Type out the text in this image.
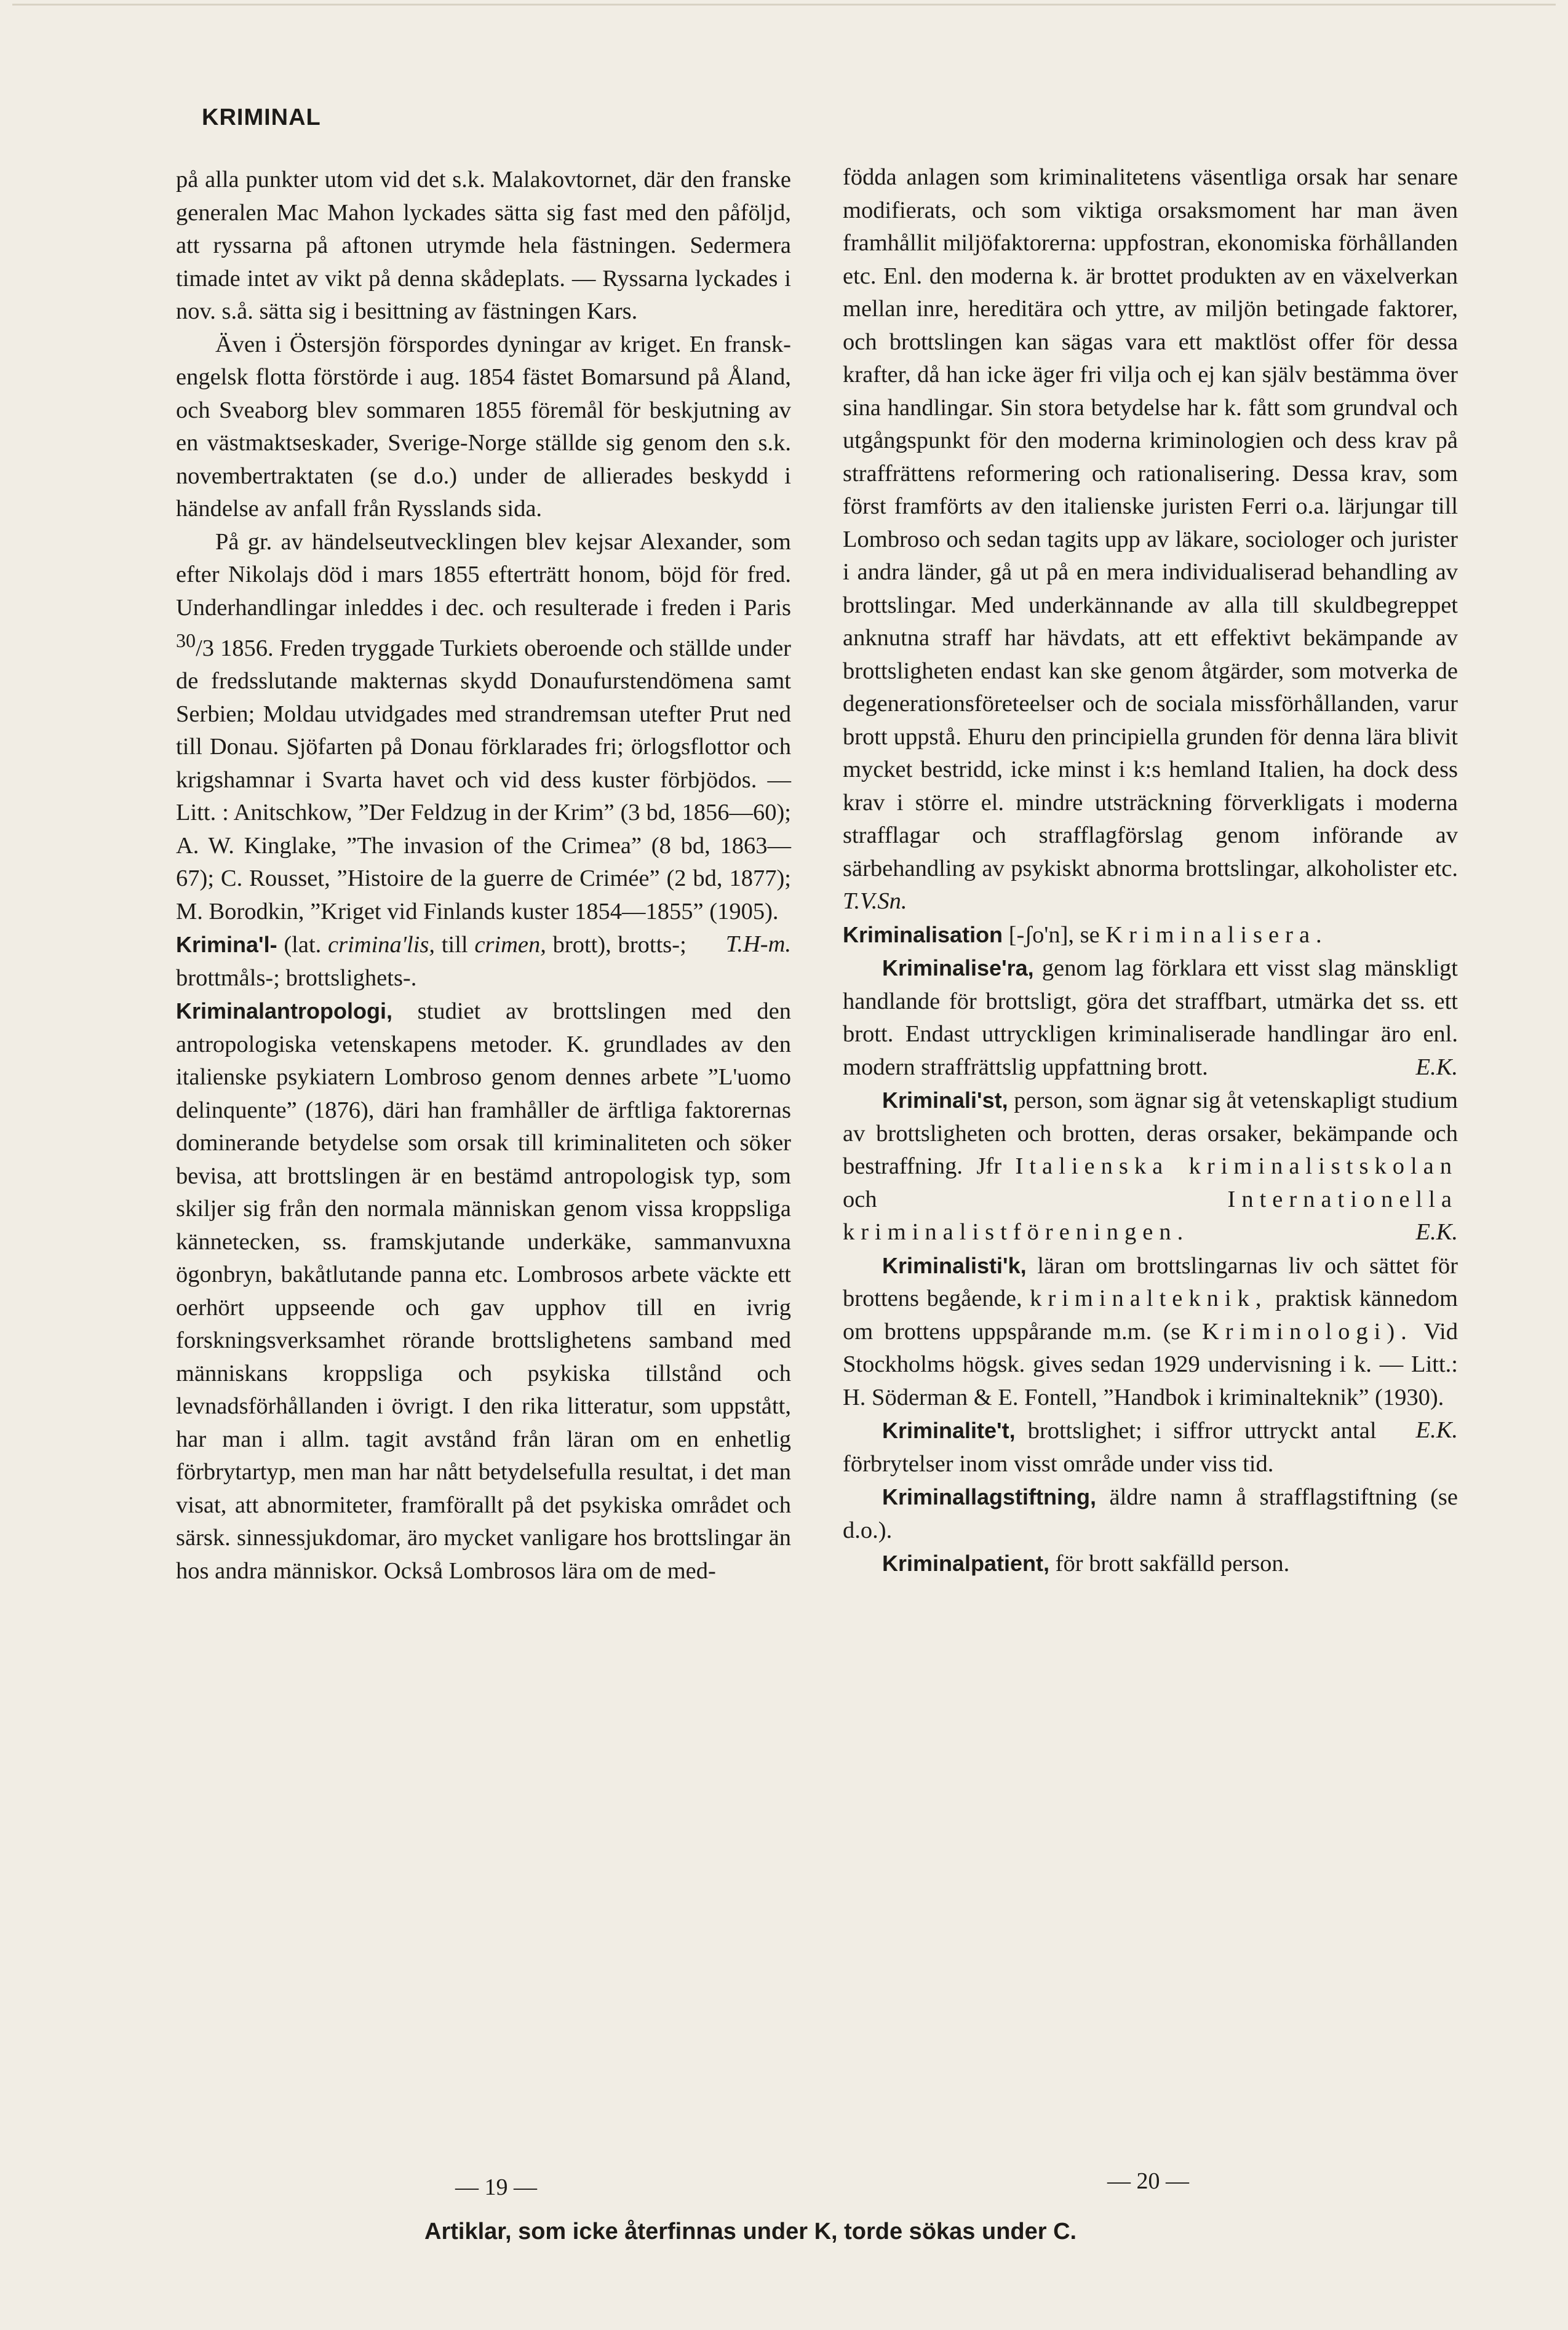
KRIMINAL

på alla punkter utom vid det s.k. Malakovtornet, där den franske generalen Mac Mahon lyckades sätta sig fast med den påföljd, att ryssarna på aftonen utrymde hela fästningen. Sedermera timade intet av vikt på denna skådeplats. — Ryssarna lyckades i nov. s.å. sätta sig i besittning av fästningen Kars.

Även i Östersjön förspordes dyningar av kriget. En fransk-engelsk flotta förstörde i aug. 1854 fästet Bomarsund på Åland, och Sveaborg blev sommaren 1855 föremål för beskjutning av en västmaktseskader, Sverige-Norge ställde sig genom den s.k. novembertraktaten (se d.o.) under de allierades beskydd i händelse av anfall från Rysslands sida.

På gr. av händelseutvecklingen blev kejsar Alexander, som efter Nikolajs död i mars 1855 efterträtt honom, böjd för fred. Underhandlingar inleddes i dec. och resulterade i freden i Paris $^{30}$/3 1856. Freden tryggade Turkiets oberoende och ställde under de fredsslutande makternas skydd Donaufurstendömena samt Serbien; Moldau utvidgades med strandremsan utefter Prut ned till Donau. Sjöfarten på Donau förklarades fri; örlogsflottor och krigshamnar i Svarta havet och vid dess kuster förbjödos. — Litt. : Anitschkow, ”Der Feldzug in der Krim” (3 bd, 1856—60); A. W. Kinglake, ”The invasion of the Crimea” (8 bd, 1863—67); C. Rousset, ”Histoire de la guerre de Crimée” (2 bd, 1877); M. Borodkin, ”Kriget vid Finlands kuster 1854—1855” (1905).
T.H-m.

Krimina'l- (lat. crimina'lis, till crimen, brott), brotts-; brottmåls-; brottslighets-.

Kriminalantropologi, studiet av brottslingen med den antropologiska vetenskapens metoder. K. grundlades av den italienske psykiatern Lombroso genom dennes arbete ”L'uomo delinquente” (1876), däri han framhåller de ärftliga faktorernas dominerande betydelse som orsak till kriminaliteten och söker bevisa, att brottslingen är en bestämd antropologisk typ, som skiljer sig från den normala människan genom vissa kroppsliga kännetecken, ss. framskjutande underkäke, sammanvuxna ögonbryn, bakåtlutande panna etc. Lombrosos arbete väckte ett oerhört uppseende och gav upphov till en ivrig forskningsverksamhet rörande brottslighetens samband med människans kroppsliga och psykiska tillstånd och levnadsförhållanden i övrigt. I den rika litteratur, som uppstått, har man i allm. tagit avstånd från läran om en enhetlig förbrytartyp, men man har nått betydelsefulla resultat, i det man visat, att abnormiteter, framförallt på det psykiska området och särsk. sinnessjukdomar, äro mycket vanligare hos brottslingar än hos andra människor. Också Lombrosos lära om de med-

födda anlagen som kriminalitetens väsentliga orsak har senare modifierats, och som viktiga orsaksmoment har man även framhållit miljöfaktorerna: uppfostran, ekonomiska förhållanden etc. Enl. den moderna k. är brottet produkten av en växelverkan mellan inre, hereditära och yttre, av miljön betingade faktorer, och brottslingen kan sägas vara ett maktlöst offer för dessa krafter, då han icke äger fri vilja och ej kan själv bestämma över sina handlingar. Sin stora betydelse har k. fått som grundval och utgångspunkt för den moderna kriminologien och dess krav på straffrättens reformering och rationalisering. Dessa krav, som först framförts av den italienske juristen Ferri o.a. lärjungar till Lombroso och sedan tagits upp av läkare, sociologer och jurister i andra länder, gå ut på en mera individualiserad behandling av brottslingar. Med underkännande av alla till skuldbegreppet anknutna straff har hävdats, att ett effektivt bekämpande av brottsligheten endast kan ske genom åtgärder, som motverka de degenerationsföreteelser och de sociala missförhållanden, varur brott uppstå. Ehuru den principiella grunden för denna lära blivit mycket bestridd, icke minst i k:s hemland Italien, ha dock dess krav i större el. mindre utsträckning förverkligats i moderna strafflagar och strafflagförslag genom införande av särbehandling av psykiskt abnorma brottslingar, alkoholister etc. T.V.Sn.

Kriminalisation [-ʃo'n], se Kriminalisera.

Kriminalise'ra, genom lag förklara ett visst slag mänskligt handlande för brottsligt, göra det straffbart, utmärka det ss. ett brott. Endast uttryckligen kriminaliserade handlingar äro enl. modern straffrättslig uppfattning brott.	E.K.

Kriminali'st, person, som ägnar sig åt vetenskapligt studium av brottsligheten och brotten, deras orsaker, bekämpande och bestraffning. Jfr Italienska kriminalistskolan och Internationella kriminalistföreningen.	E.K.

Kriminalisti'k, läran om brottslingarnas liv och sättet för brottens begående, kriminalteknik, praktisk kännedom om brottens uppspårande m.m. (se Kriminologi). Vid Stockholms högsk. gives sedan 1929 undervisning i k. — Litt.: H. Söderman & E. Fontell, ”Handbok i kriminalteknik” (1930).
E.K.

Kriminalite't, brottslighet; i siffror uttryckt antal förbrytelser inom visst område under viss tid.

Kriminallagstiftning, äldre namn å strafflagstiftning (se d.o.).

Kriminalpatient, för brott sakfälld person.

— 19 —	— 20 —
Artiklar, som icke återfinnas under K, torde sökas under C.
